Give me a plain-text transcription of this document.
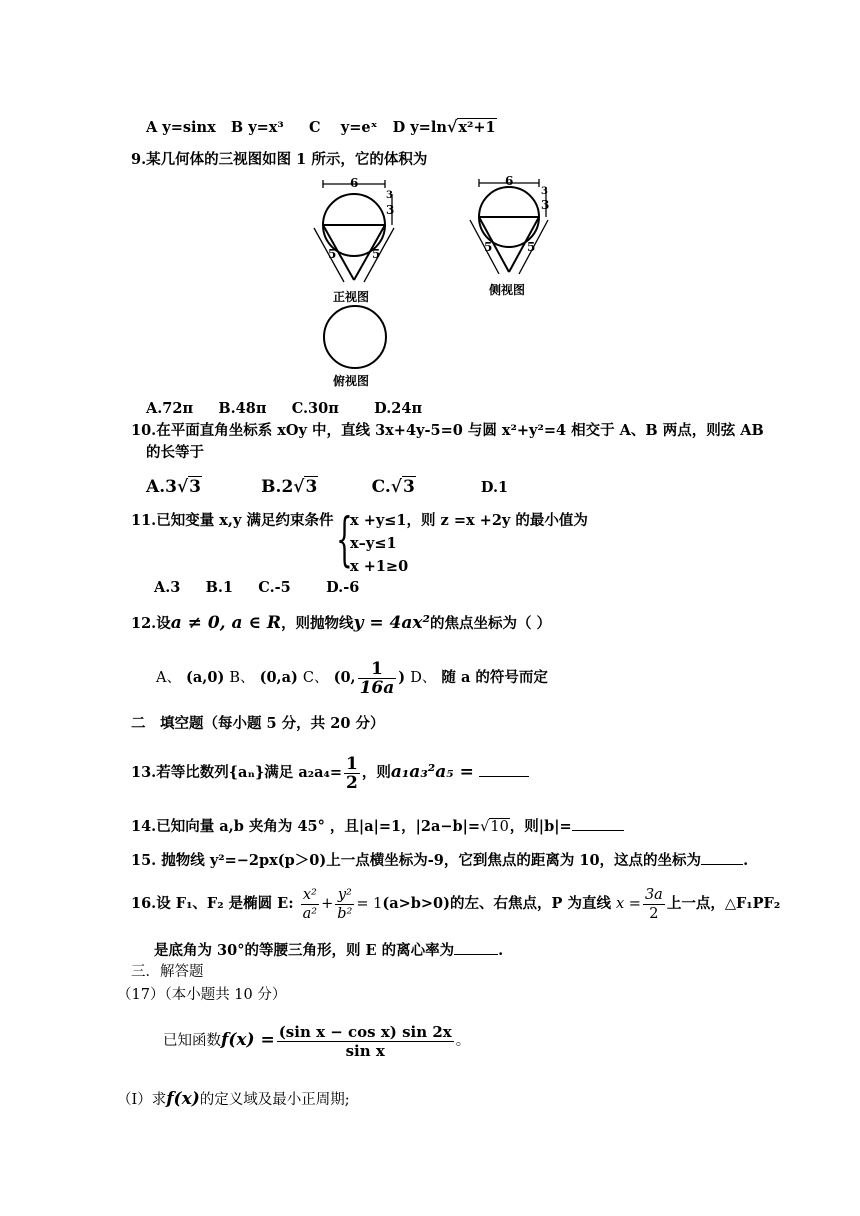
A y=sinx B y=x³ C y=eˣ D y=ln√x²+1
9.某几何体的三视图如图 1 所示，它的体积为
6
3
3
5	5
正视图
6
3
3
5	5
侧视图
俯视图
A.72π B.48π C.30π D.24π
10.在平面直角坐标系 xOy 中，直线 3x+4y-5=0 与圆 x²+y²=4 相交于 A、B 两点，则弦 AB
的长等于
A.3√3	B.2√3	C.√3	D.1
11.已知变量 x,y 满足约束条件 {
x +y≤1，则 z =x +2y 的最小值为
x–y≤1
x +1≥0
A.3 B.1 C.-5 D.-6
12.设a ≠ 0, a ∈ R，则抛物线y = 4ax²的焦点坐标为（ ）
A、 (a,0) B、 (0,a) C、 (0, $\frac{1}{16a}$ ) D、 随 a 的符号而定
二　填空题（每小题 5 分，共 20 分）
13.若等比数列{aₙ}满足 $a_2a_4= \frac{1}{2}$ ，则a₁a₃²a₅ =
14.已知向量 a,b 夹角为 45° ，且|a|=1，|2a−b|=√10，则|b|=
15. 抛物线 y²=−2px(p＞0)上一点横坐标为-9，它到焦点的距离为 10，这点的坐标为	.
16.设 F₁、F₂ 是椭圆 E: $\frac{\text{x²}}{\text{a²}} + \frac{\text{y²}}{\text{b²}} = 1(a>b>0)$的左、右焦点，P 为直线 $x = \frac{3a}{2}$ 上一点，△F₁PF₂
是底角为 30°的等腰三角形，则 E 的离心率为	.
三．解答题
（17）（本小题共 10 分）
已知函数$f(x) = \frac{\text{(sin x − cos x) sin 2x}}{\text{sin x}}$ 。
（Ⅰ）求f(x)的定义域及最小正周期;
